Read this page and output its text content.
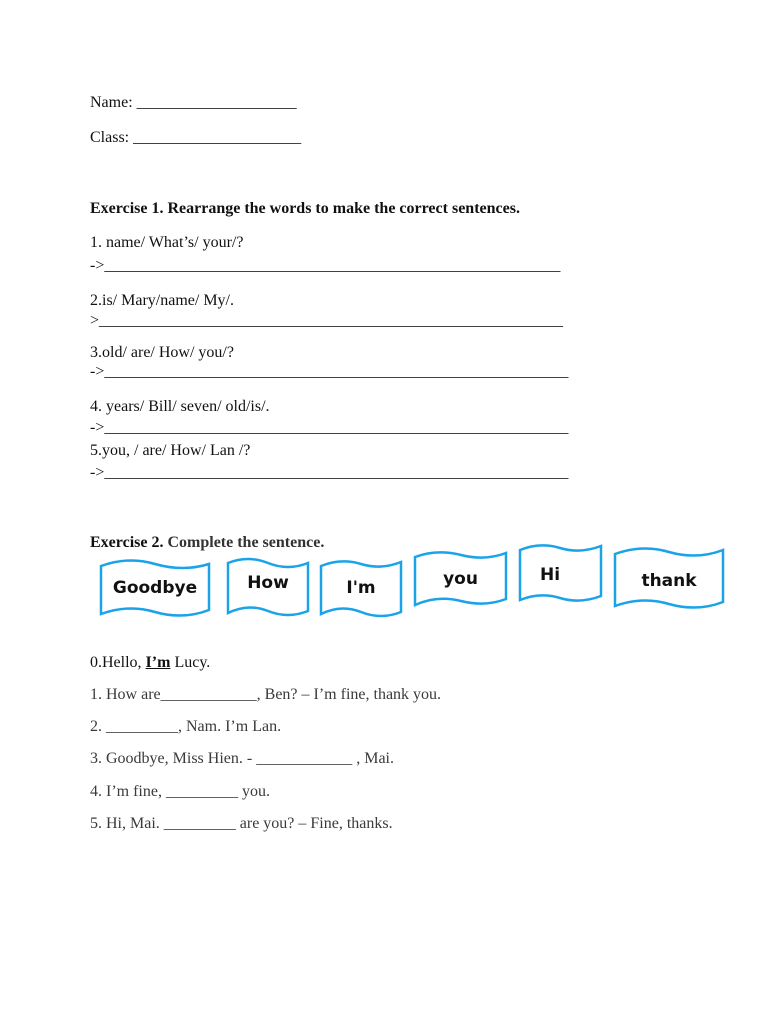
Name: ____________________
Class: _____________________
Exercise 1. Rearrange the words to make the correct sentences.
1. name/ What’s/ your/?
->_________________________________________________________
2.is/ Mary/name/ My/.
>__________________________________________________________
3.old/ are/ How/ you/?
->__________________________________________________________
4. years/ Bill/ seven/ old/is/.
->__________________________________________________________
5.you, / are/ How/ Lan /?
->__________________________________________________________
Exercise 2. Complete the sentence.
Goodbye	How	I'm	you	Hi	thank
0.Hello, I’m Lucy.
1. How are____________, Ben? – I’m fine, thank you.
2. _________, Nam. I’m Lan.
3. Goodbye, Miss Hien. - ____________ , Mai.
4. I’m fine, _________ you.
5. Hi, Mai. _________ are you? – Fine, thanks.
